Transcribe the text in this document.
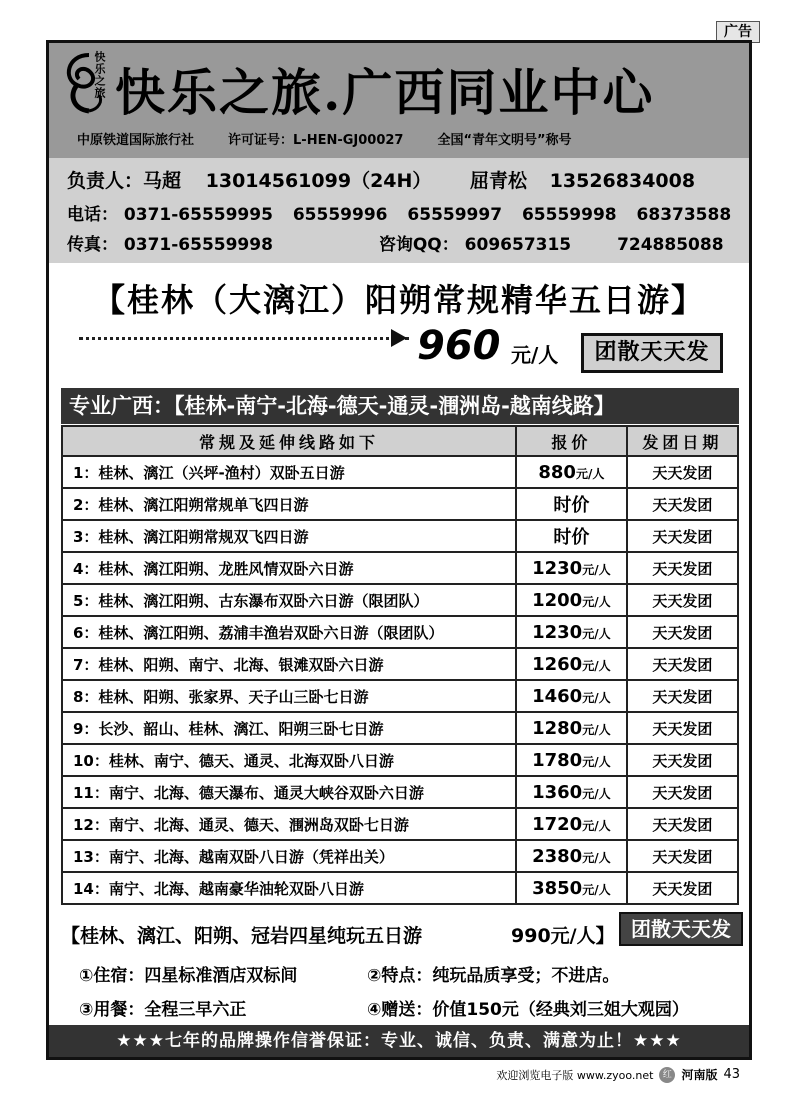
广告
快乐之旅 快乐之旅.广西同业中心
中原铁道国际旅行社	许可证号：L-HEN-GJ00027	全国“青年文明号”称号
负责人：马超 13014561099（24H） 屈青松 13526834008
电话： 0371-65559995 65559996 65559997 65559998 68373588
传真： 0371-65559998	咨询QQ： 609657315	724885088
【桂林（大漓江）阳朔常规精华五日游】
960 元/人	团散天天发
专业广西：【桂林-南宁-北海-德天-通灵-涠洲岛-越南线路】
常规及延伸线路如下	报价	发团日期
1：桂林、漓江（兴坪-渔村）双卧五日游	880元/人	天天发团
2：桂林、漓江阳朔常规单飞四日游	时价	天天发团
3：桂林、漓江阳朔常规双飞四日游	时价	天天发团
4：桂林、漓江阳朔、龙胜风情双卧六日游	1230元/人	天天发团
5：桂林、漓江阳朔、古东瀑布双卧六日游（限团队）	1200元/人	天天发团
6：桂林、漓江阳朔、荔浦丰渔岩双卧六日游（限团队）	1230元/人	天天发团
7：桂林、阳朔、南宁、北海、银滩双卧六日游	1260元/人	天天发团
8：桂林、阳朔、张家界、天子山三卧七日游	1460元/人	天天发团
9：长沙、韶山、桂林、漓江、阳朔三卧七日游	1280元/人	天天发团
10：桂林、南宁、德天、通灵、北海双卧八日游	1780元/人	天天发团
11：南宁、北海、德天瀑布、通灵大峡谷双卧六日游	1360元/人	天天发团
12：南宁、北海、通灵、德天、涠洲岛双卧七日游	1720元/人	天天发团
13：南宁、北海、越南双卧八日游（凭祥出关）	2380元/人	天天发团
14：南宁、北海、越南豪华油轮双卧八日游	3850元/人	天天发团
【桂林、漓江、阳朔、冠岩四星纯玩五日游	990元/人】 团散天天发
①住宿：四星标准酒店双标间	②特点：纯玩品质享受；不进店。
③用餐：全程三早六正	④赠送：价值150元（经典刘三姐大观园）
★★★七年的品牌操作信誉保证：专业、诚信、负责、满意为止！★★★
欢迎浏览电子版 www.zyoo.net	红 河南版 43
